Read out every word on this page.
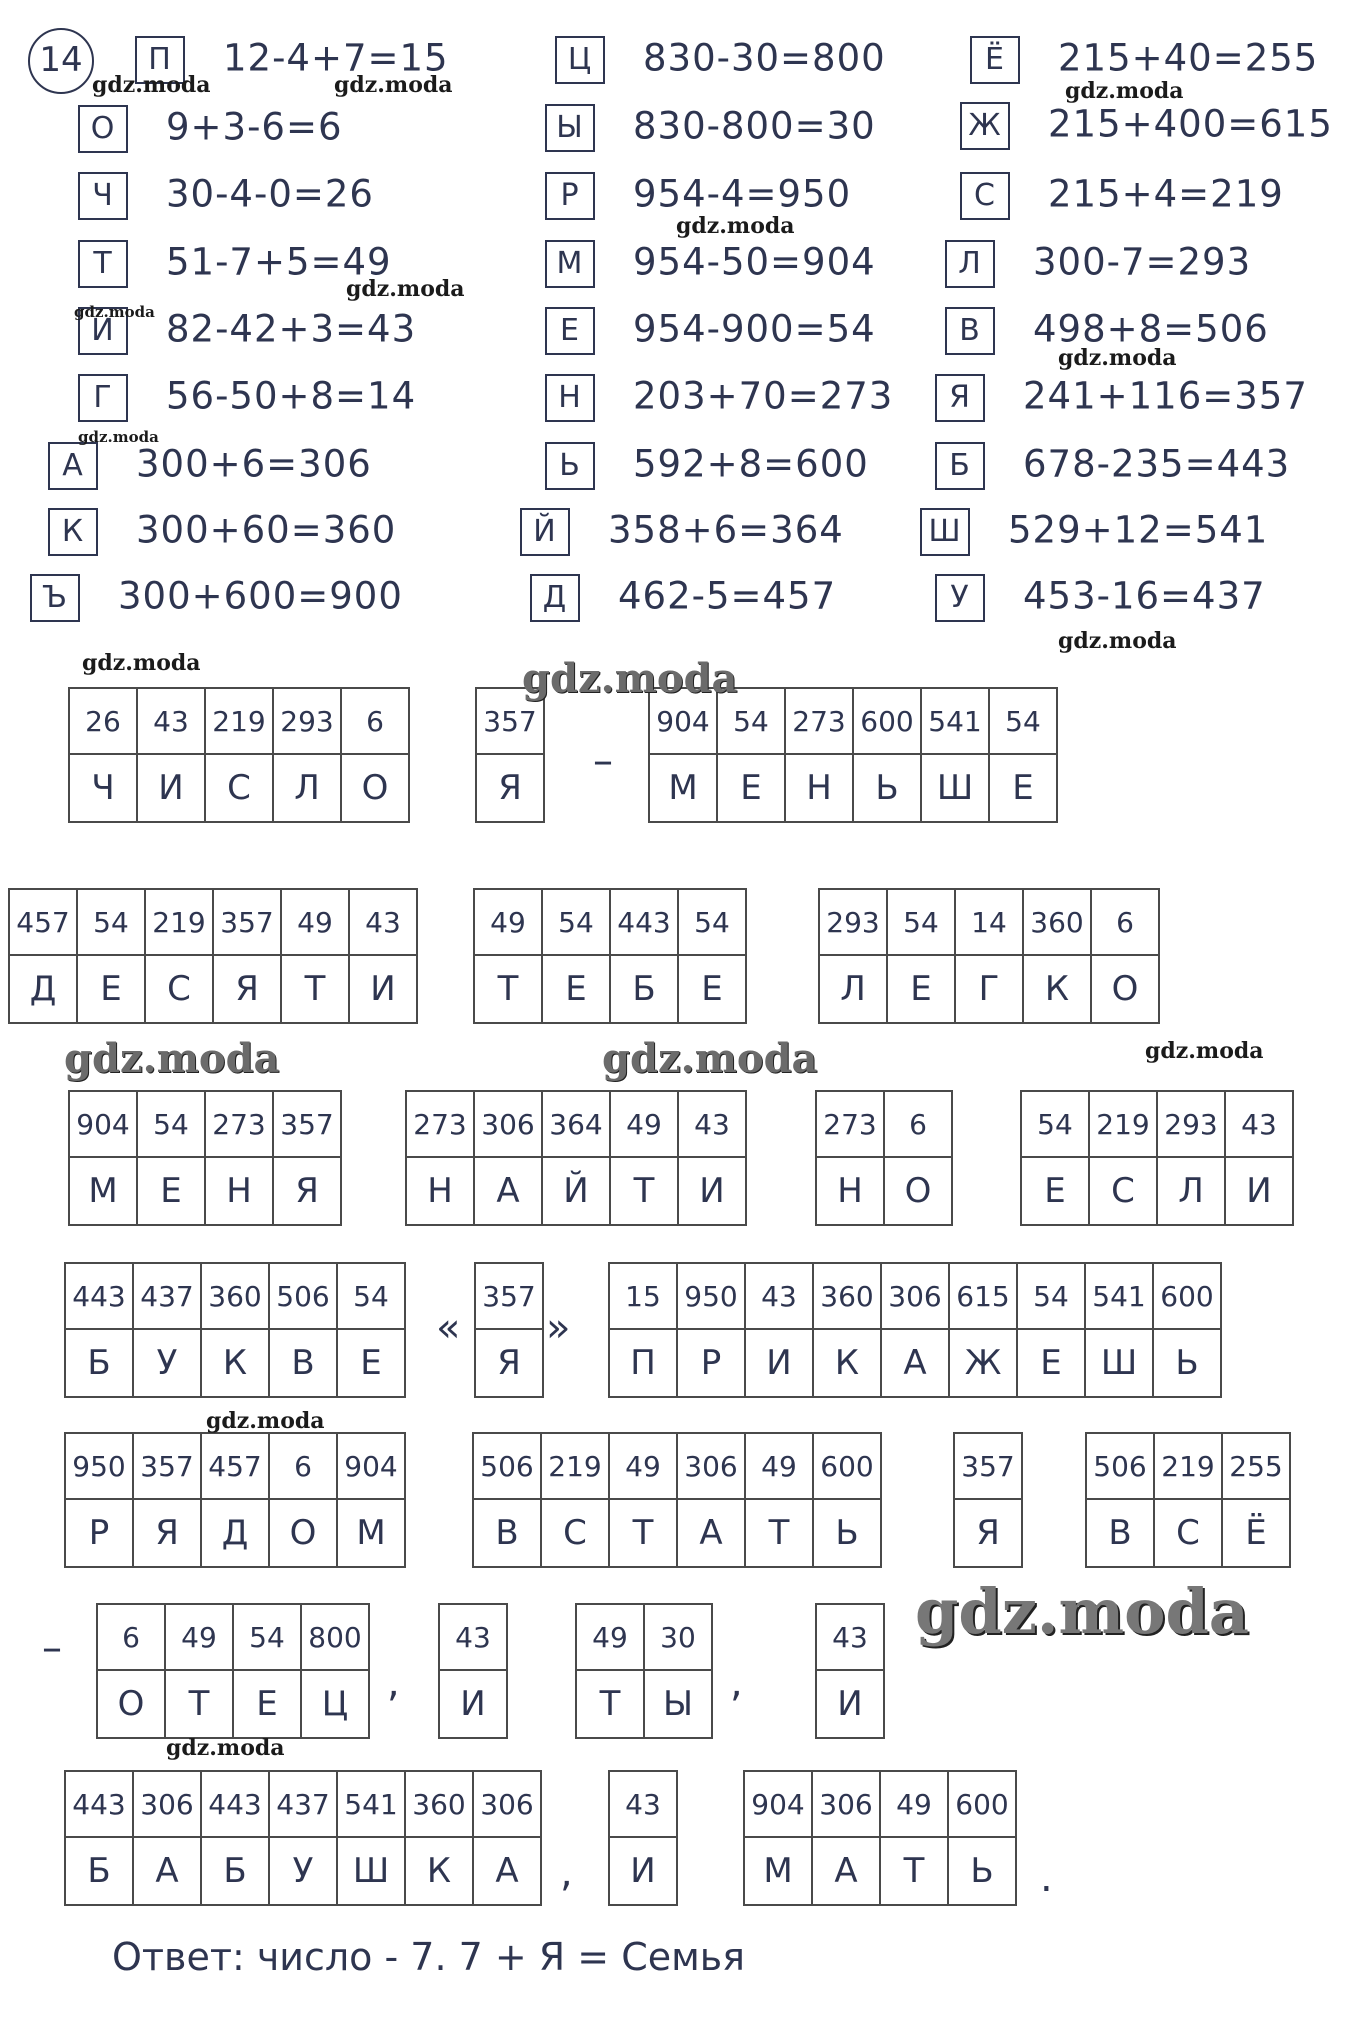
14	П 12-4+7=15
О 9+3-6=6
Ч 30-4-0=26
Т 51-7+5=49
И 82-42+3=43
Г 56-50+8=14
А 300+6=306
К 300+60=360
Ъ 300+600=900
Ц 830-30=800
Ы 830-800=30
Р 954-4=950
М 954-50=904
Е 954-900=54
Н 203+70=273
Ь 592+8=600
Й 358+6=364
Д 462-5=457
Ё 215+40=255
Ж 215+400=615
С 215+4=219
Л 300-7=293
В 498+8=506
Я 241+116=357
Б 678-235=443
Ш 529+12=541
У 453-16=437
26	43	219	293	6
Ч	И	С	Л	О
357
Я
904	54	273	600	541	54
М	Е	Н	Ь	Ш	Е
457	54	219	357	49	43
Д	Е	С	Я	Т	И
49	54	443	54
Т	Е	Б	Е
293	54	14	360	6
Л	Е	Г	К	О
904	54	273	357
М	Е	Н	Я
273	306	364	49	43
Н	А	Й	Т	И
273	6
Н	О
54	219	293	43
Е	С	Л	И
443	437	360	506	54
Б	У	К	В	Е
357
Я
15	950	43	360	306	615	54	541	600
П	Р	И	К	А	Ж	Е	Ш	Ь
950	357	457	6	904
Р	Я	Д	О	М
506	219	49	306	49	600
В	С	Т	А	Т	Ь
357
Я
506	219	255
В	С	Ё
6	49	54	800
О	Т	Е	Ц
43
И
49	30
Т	Ы
43
И
443	306	443	437	541	360	306
Б	А	Б	У	Ш	К	А
43
И
904	306	49	600
М	А	Т	Ь
–
« »
–
,	,
,	.
Ответ: число - 7. 7 + Я = Семья
gdz.moda	gdz.moda	gdz.moda
gdz.moda
gdz.moda
gdz.moda
gdz.moda
gdz.moda
gdz.moda
gdz.moda	gdz.moda
gdz.moda	gdz.moda	gdz.moda
gdz.moda
gdz.moda
gdz.moda
